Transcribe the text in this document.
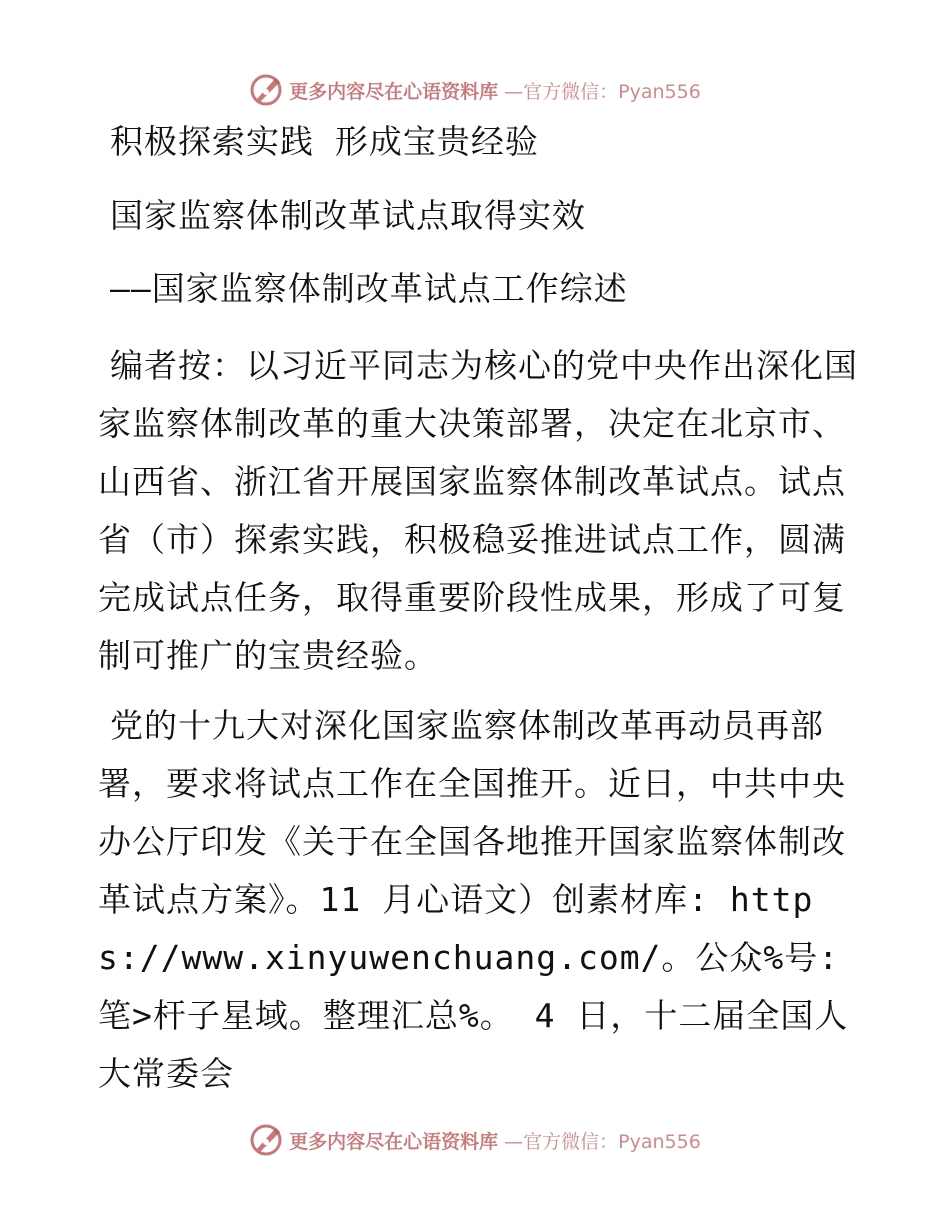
更多内容尽在心语资料库 —官方微信：Pyan556

积极探索实践 形成宝贵经验

国家监察体制改革试点取得实效

——国家监察体制改革试点工作综述

编者按：以习近平同志为核心的党中央作出深化国家监察体制改革的重大决策部署，决定在北京市、山西省、浙江省开展国家监察体制改革试点。试点省（市）探索实践，积极稳妥推进试点工作，圆满完成试点任务，取得重要阶段性成果，形成了可复制可推广的宝贵经验。

党的十九大对深化国家监察体制改革再动员再部署，要求将试点工作在全国推开。近日，中共中央办公厅印发《关于在全国各地推开国家监察体制改革试点方案》。11 月心语文）创素材库: https://www.xinyuwenchuang.com/。公众%号: 笔>杆子星域。整理汇总%。 4 日，十二届全国人大常委会

更多内容尽在心语资料库 —官方微信：Pyan556
